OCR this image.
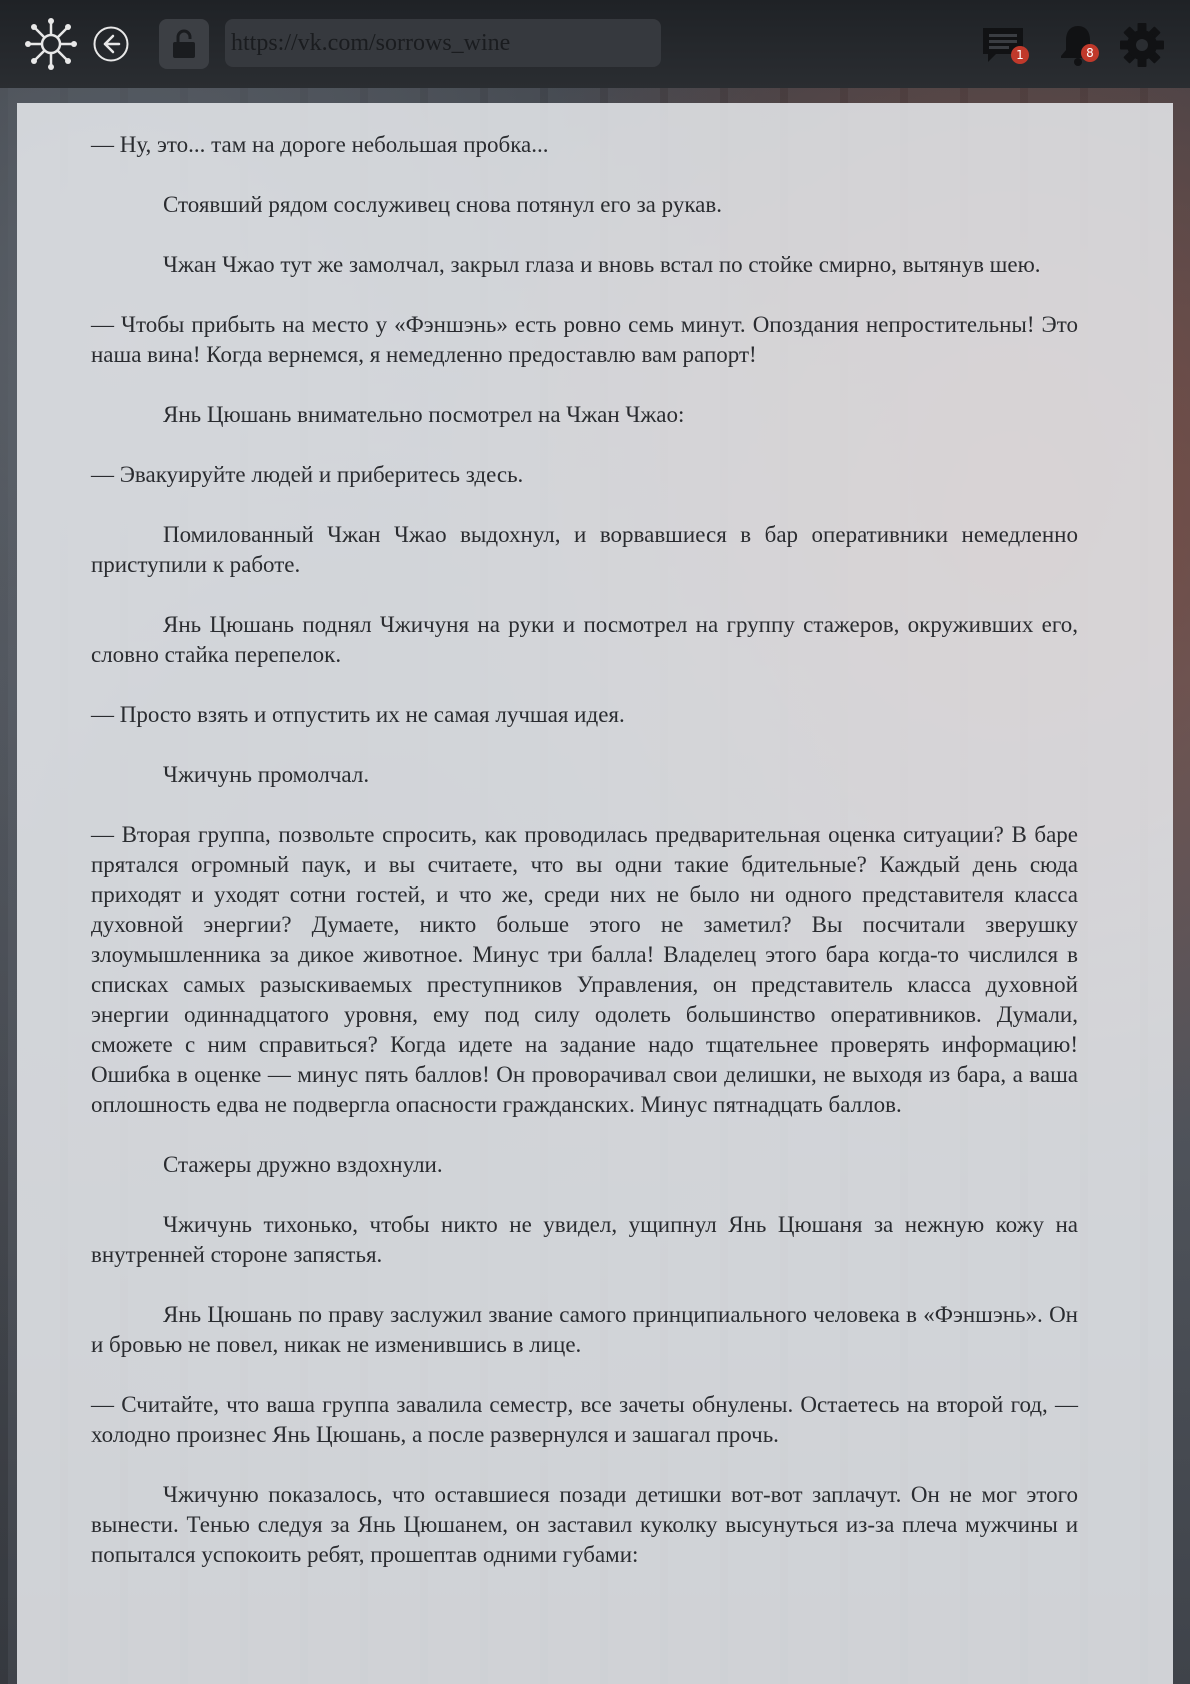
https://vk.com/sorrows_wine	1	8

— Ну, это... там на дороге небольшая пробка...

Стоявший рядом сослуживец снова потянул его за рукав.

Чжан Чжао тут же замолчал, закрыл глаза и вновь встал по стойке смирно, вытянув шею.

— Чтобы прибыть на место у «Фэншэнь» есть ровно семь минут. Опоздания непростительны! Это наша вина! Когда вернемся, я немедленно предоставлю вам рапорт!

Янь Цюшань внимательно посмотрел на Чжан Чжао:

— Эвакуируйте людей и приберитесь здесь.

Помилованный Чжан Чжао выдохнул, и ворвавшиеся в бар оперативники немедленно приступили к работе.

Янь Цюшань поднял Чжичуня на руки и посмотрел на группу стажеров, окруживших его, словно стайка перепелок.

— Просто взять и отпустить их не самая лучшая идея.

Чжичунь промолчал.

— Вторая группа, позвольте спросить, как проводилась предварительная оценка ситуации? В баре прятался огромный паук, и вы считаете, что вы одни такие бдительные? Каждый день сюда приходят и уходят сотни гостей, и что же, среди них не было ни одного представителя класса духовной энергии? Думаете, никто больше этого не заметил? Вы посчитали зверушку злоумышленника за дикое животное. Минус три балла! Владелец этого бара когда-то числился в списках самых разыскиваемых преступников Управления, он представитель класса духовной энергии одиннадцатого уровня, ему под силу одолеть большинство оперативников. Думали, сможете с ним справиться? Когда идете на задание надо тщательнее проверять информацию! Ошибка в оценке — минус пять баллов! Он проворачивал свои делишки, не выходя из бара, а ваша оплошность едва не подвергла опасности гражданских. Минус пятнадцать баллов.

Стажеры дружно вздохнули.

Чжичунь тихонько, чтобы никто не увидел, ущипнул Янь Цюшаня за нежную кожу на внутренней стороне запястья.

Янь Цюшань по праву заслужил звание самого принципиального человека в «Фэншэнь». Он и бровью не повел, никак не изменившись в лице.

— Считайте, что ваша группа завалила семестр, все зачеты обнулены. Остаетесь на второй год, — холодно произнес Янь Цюшань, а после развернулся и зашагал прочь.

Чжичуню показалось, что оставшиеся позади детишки вот-вот заплачут. Он не мог этого вынести. Тенью следуя за Янь Цюшанем, он заставил куколку высунуться из-за плеча мужчины и попытался успокоить ребят, прошептав одними губами:
